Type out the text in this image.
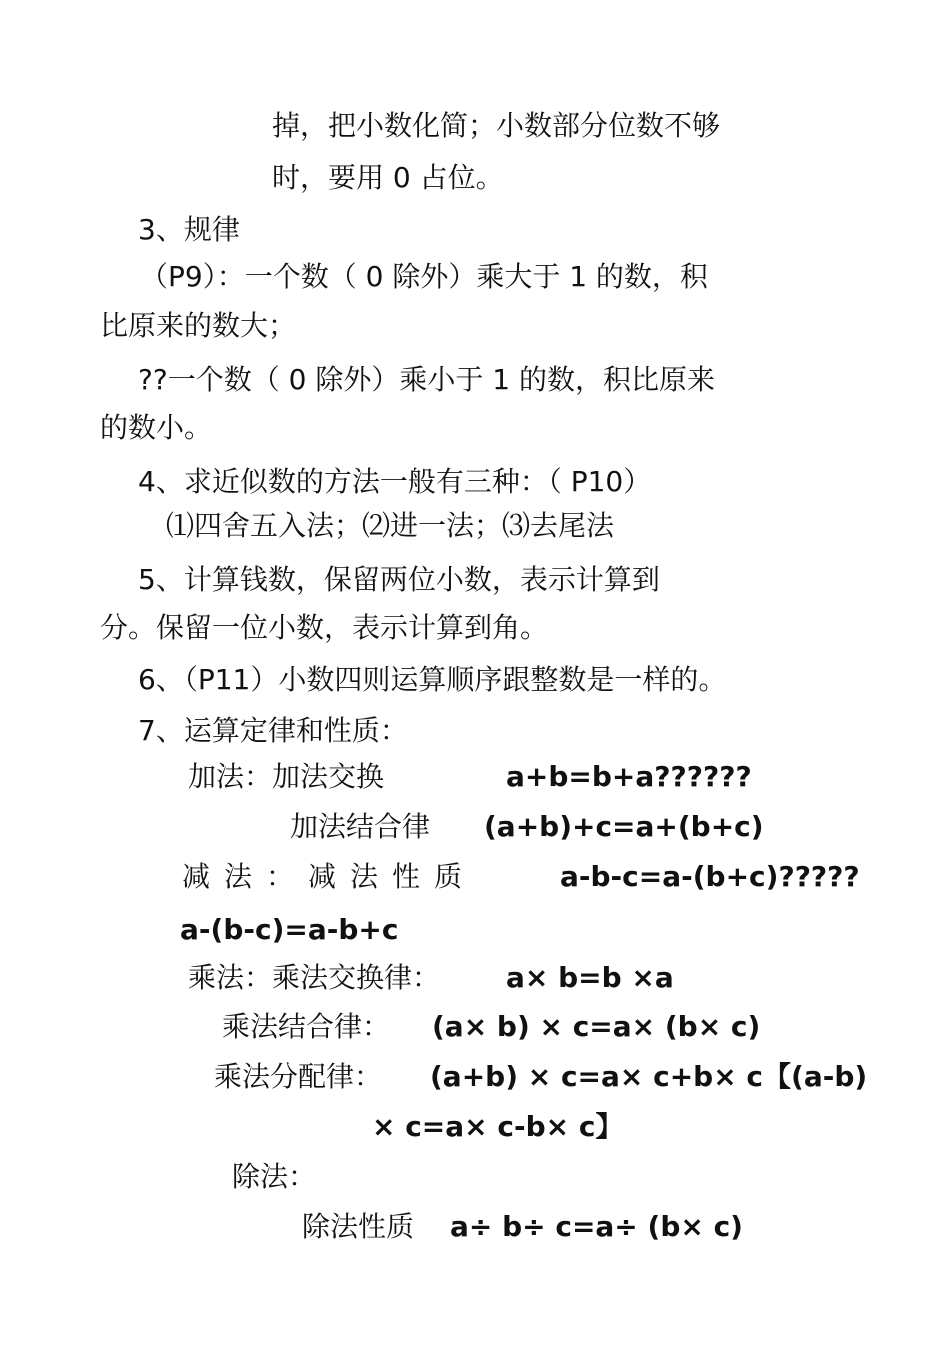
掉，把小数化简；小数部分位数不够
时，要用 0 占位。
3、规律
（P9）：一个数（ 0 除外）乘大于 1 的数，积
比原来的数大；
??一个数（ 0 除外）乘小于 1 的数，积比原来
的数小。
4、求近似数的方法一般有三种：（ P10）
⑴四舍五入法；⑵进一法；⑶去尾法
5、计算钱数，保留两位小数，表示计算到
分。保留一位小数，表示计算到角。
6、（P11）小数四则运算顺序跟整数是一样的。
7、运算定律和性质：
加法：加法交换	a+b=b+a??????
加法结合律 (a+b)+c=a+(b+c)
减法：减法性质	a-b-c=a-(b+c)?????
a-(b-c)=a-b+c
乘法：乘法交换律： a× b=b ×a
乘法结合律： (a× b) × c=a× (b× c)
乘法分配律： (a+b) × c=a× c+b× c【(a-b)
× c=a× c-b× c】
除法：
除法性质 a÷ b÷ c=a÷ (b× c)
